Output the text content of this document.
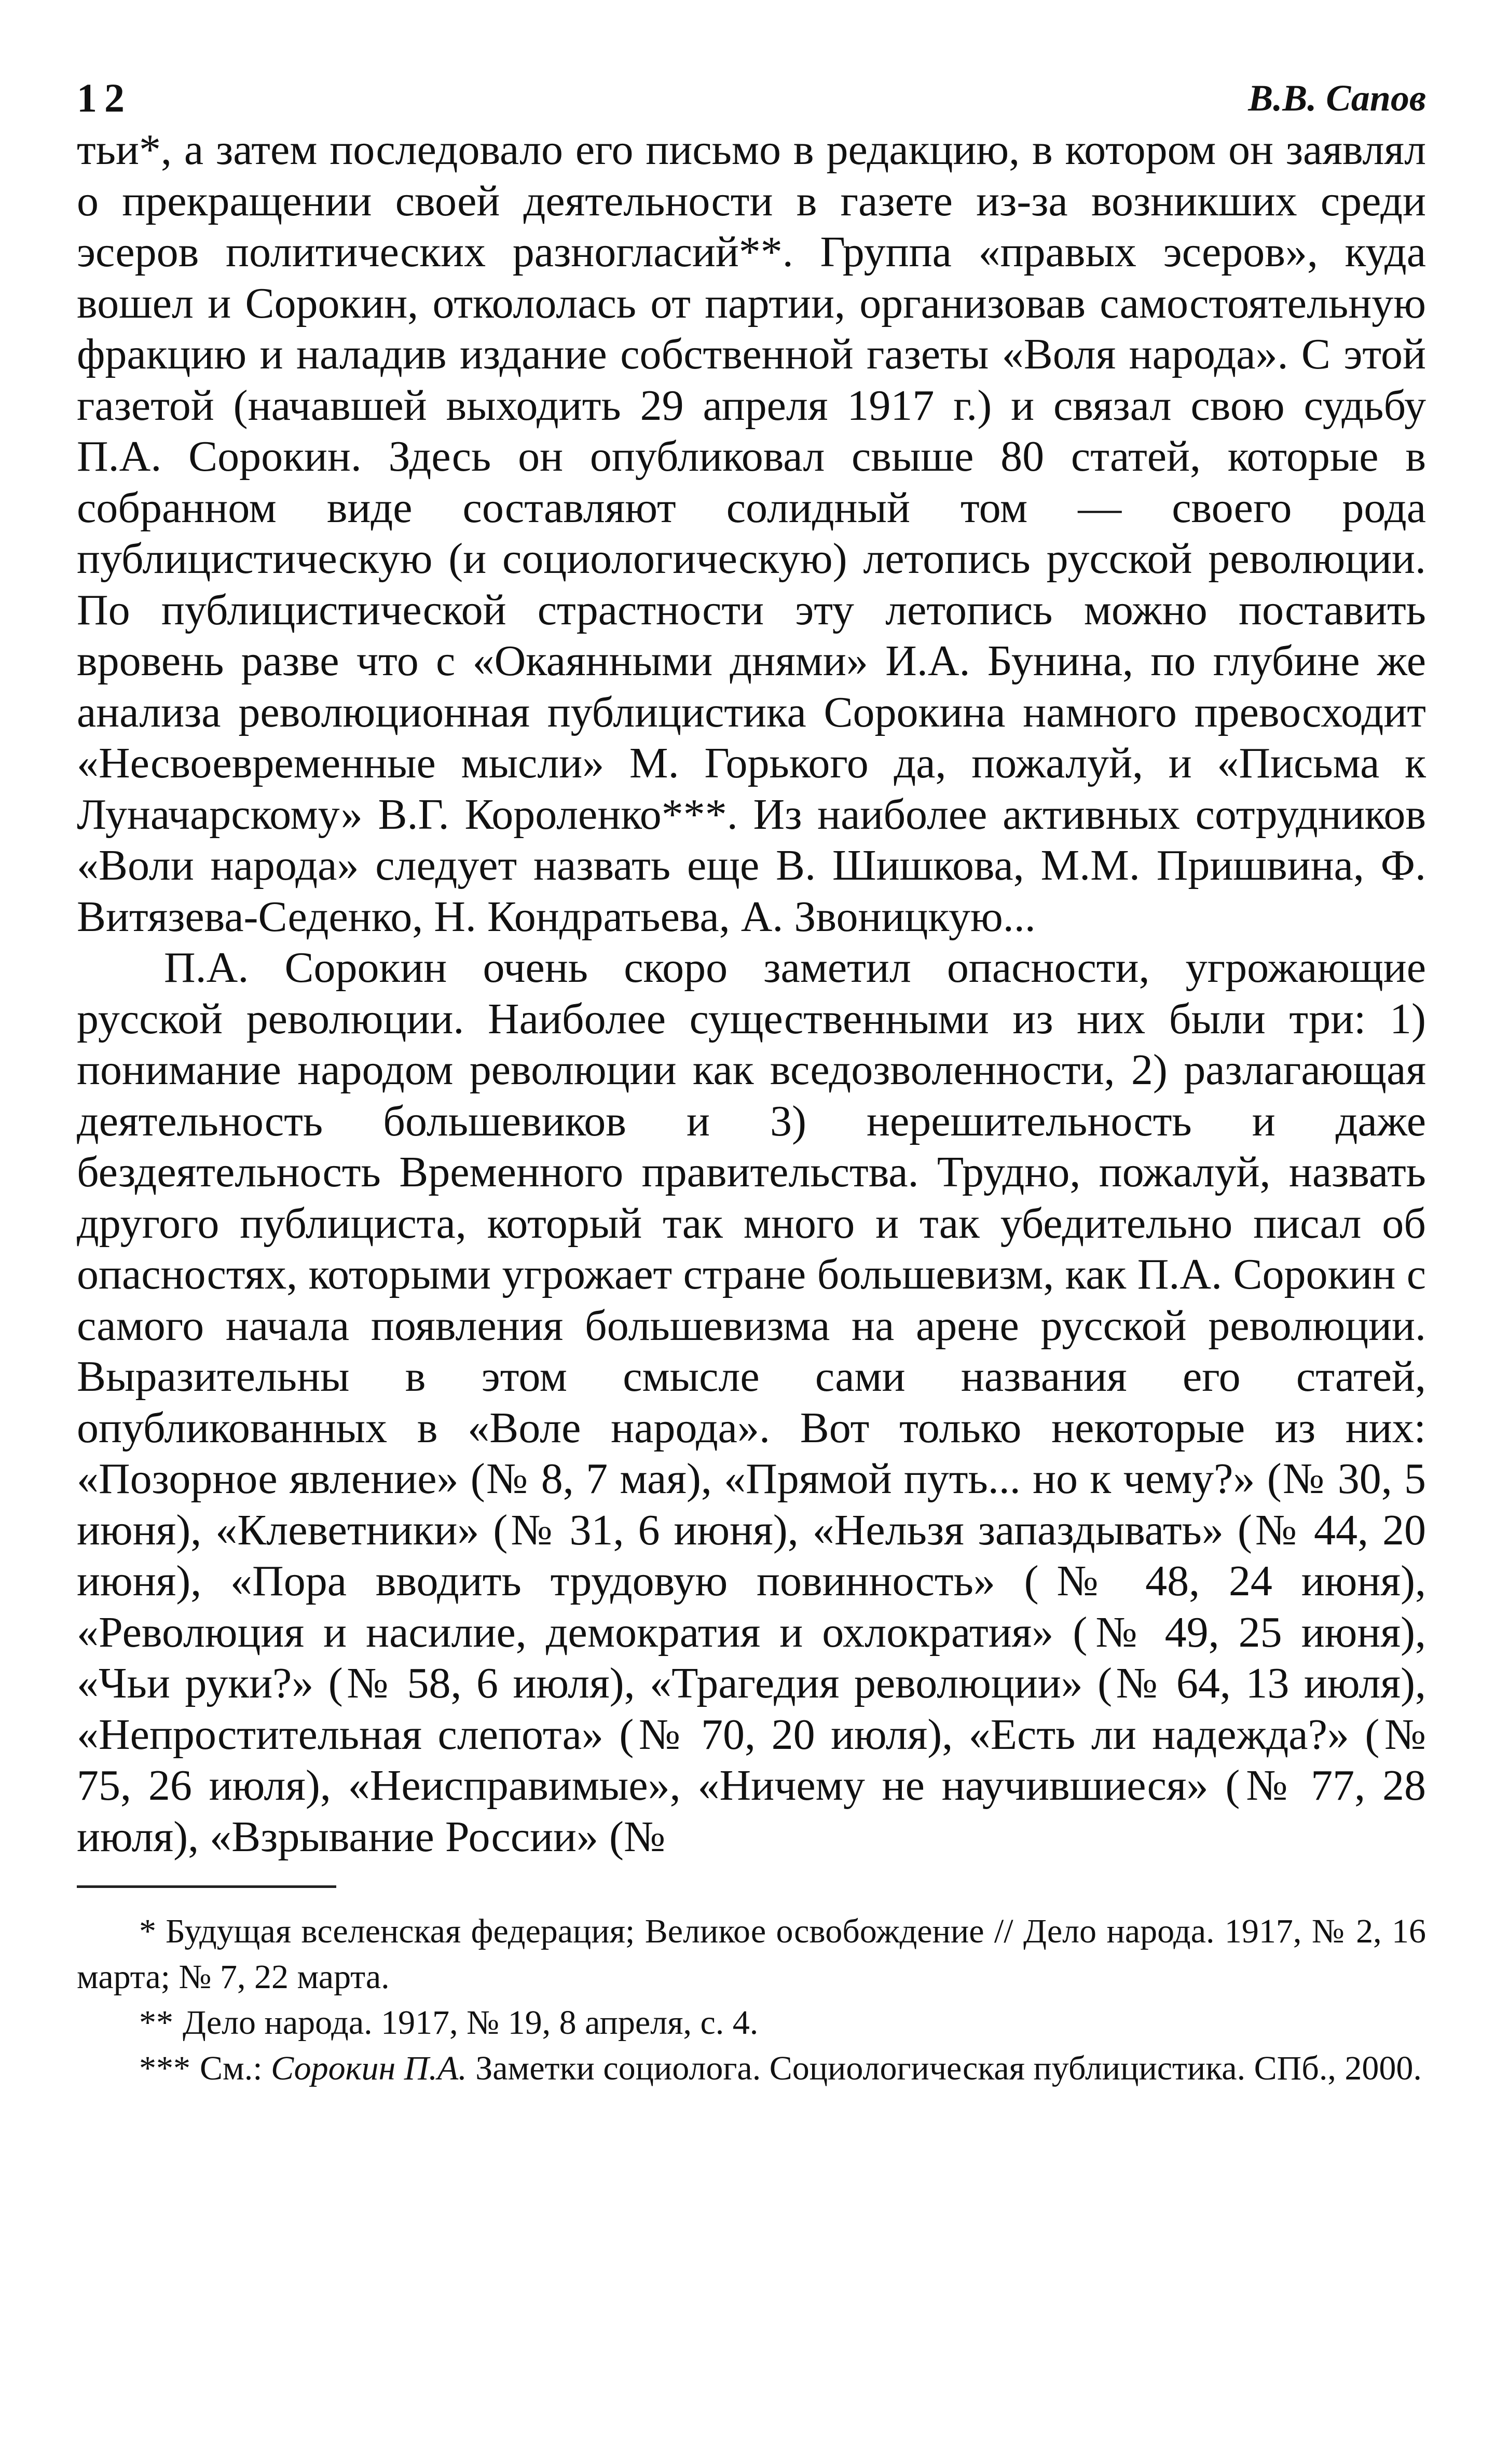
12	В.В. Сапов

тьи*, а затем последовало его письмо в редакцию, в котором он заявлял о прекращении своей деятельности в газете из-за возникших среди эсеров политических разногласий**. Группа «правых эсеров», куда вошел и Сорокин, откололась от партии, организовав самостоятельную фракцию и наладив издание собственной газеты «Воля народа». С этой газетой (начавшей выходить 29 апреля 1917 г.) и связал свою судьбу П.А. Сорокин. Здесь он опубликовал свыше 80 статей, которые в собранном виде составляют солидный том — своего рода публицистическую (и социологическую) летопись русской революции. По публицистической страстности эту летопись можно поставить вровень разве что с «Окаянными днями» И.А. Бунина, по глубине же анализа революционная публицистика Сорокина намного превосходит «Несвоевременные мысли» М. Горького да, пожалуй, и «Письма к Луначарскому» В.Г. Короленко***. Из наиболее активных сотрудников «Воли народа» следует назвать еще В. Шишкова, М.М. Пришвина, Ф. Витязева-Седенко, Н. Кондратьева, А. Звоницкую...

П.А. Сорокин очень скоро заметил опасности, угрожающие русской революции. Наиболее существенными из них были три: 1) понимание народом революции как вседозволенности, 2) разлагающая деятельность большевиков и 3) нерешительность и даже бездеятельность Временного правительства. Трудно, пожалуй, назвать другого публициста, который так много и так убедительно писал об опасностях, которыми угрожает стране большевизм, как П.А. Сорокин с самого начала появления большевизма на арене русской революции. Выразительны в этом смысле сами названия его статей, опубликованных в «Воле народа». Вот только некоторые из них: «Позорное явление» (№ 8, 7 мая), «Прямой путь... но к чему?» (№ 30, 5 июня), «Клеветники» (№ 31, 6 июня), «Нельзя запаздывать» (№ 44, 20 июня), «Пора вводить трудовую повинность» (№ 48, 24 июня), «Революция и насилие, демократия и охлократия» (№ 49, 25 июня), «Чьи руки?» (№ 58, 6 июля), «Трагедия революции» (№ 64, 13 июля), «Непростительная слепота» (№ 70, 20 июля), «Есть ли надежда?» (№ 75, 26 июля), «Неисправимые», «Ничему не научившиеся» (№ 77, 28 июля), «Взрывание России» (№

* Будущая вселенская федерация; Великое освобождение // Дело народа. 1917, № 2, 16 марта; № 7, 22 марта.

** Дело народа. 1917, № 19, 8 апреля, с. 4.

*** См.: Сорокин П.А. Заметки социолога. Социологическая публицистика. СПб., 2000.
